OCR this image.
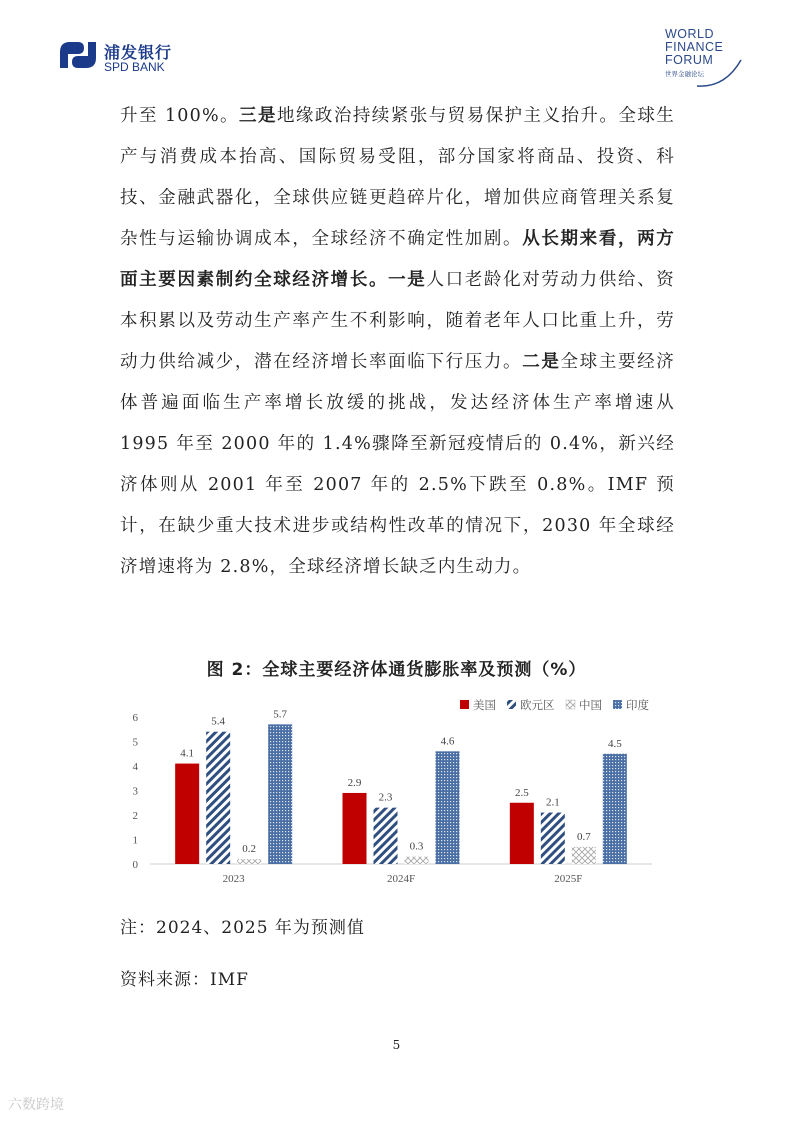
浦发银行
SPD BANK
WORLD
FINANCE
FORUM
世界金融论坛

升至 100%。三是地缘政治持续紧张与贸易保护主义抬升。全球生产与消费成本抬高、国际贸易受阻，部分国家将商品、投资、科技、金融武器化，全球供应链更趋碎片化，增加供应商管理关系复杂性与运输协调成本，全球经济不确定性加剧。从长期来看，两方面主要因素制约全球经济增长。一是人口老龄化对劳动力供给、资本积累以及劳动生产率产生不利影响，随着老年人口比重上升，劳动力供给减少，潜在经济增长率面临下行压力。二是全球主要经济体普遍面临生产率增长放缓的挑战，发达经济体生产率增速从 1995 年至 2000 年的 1.4%骤降至新冠疫情后的 0.4%，新兴经济体则从 2001 年至 2007 年的 2.5%下跌至 0.8%。IMF 预计，在缺少重大技术进步或结构性改革的情况下，2030 年全球经济增速将为 2.8%，全球经济增长缺乏内生动力。

图 2：全球主要经济体通货膨胀率及预测（%）
0
1
2
3
4
5
6
4.1
5.4
0.2
5.7
2023
2.9
2.3
0.3
4.6
2024F
2.5
2.1
0.7
4.5
2025F
美国 欧元区 中国 印度
注：2024、2025 年为预测值
资料来源：IMF
5
六数跨境
